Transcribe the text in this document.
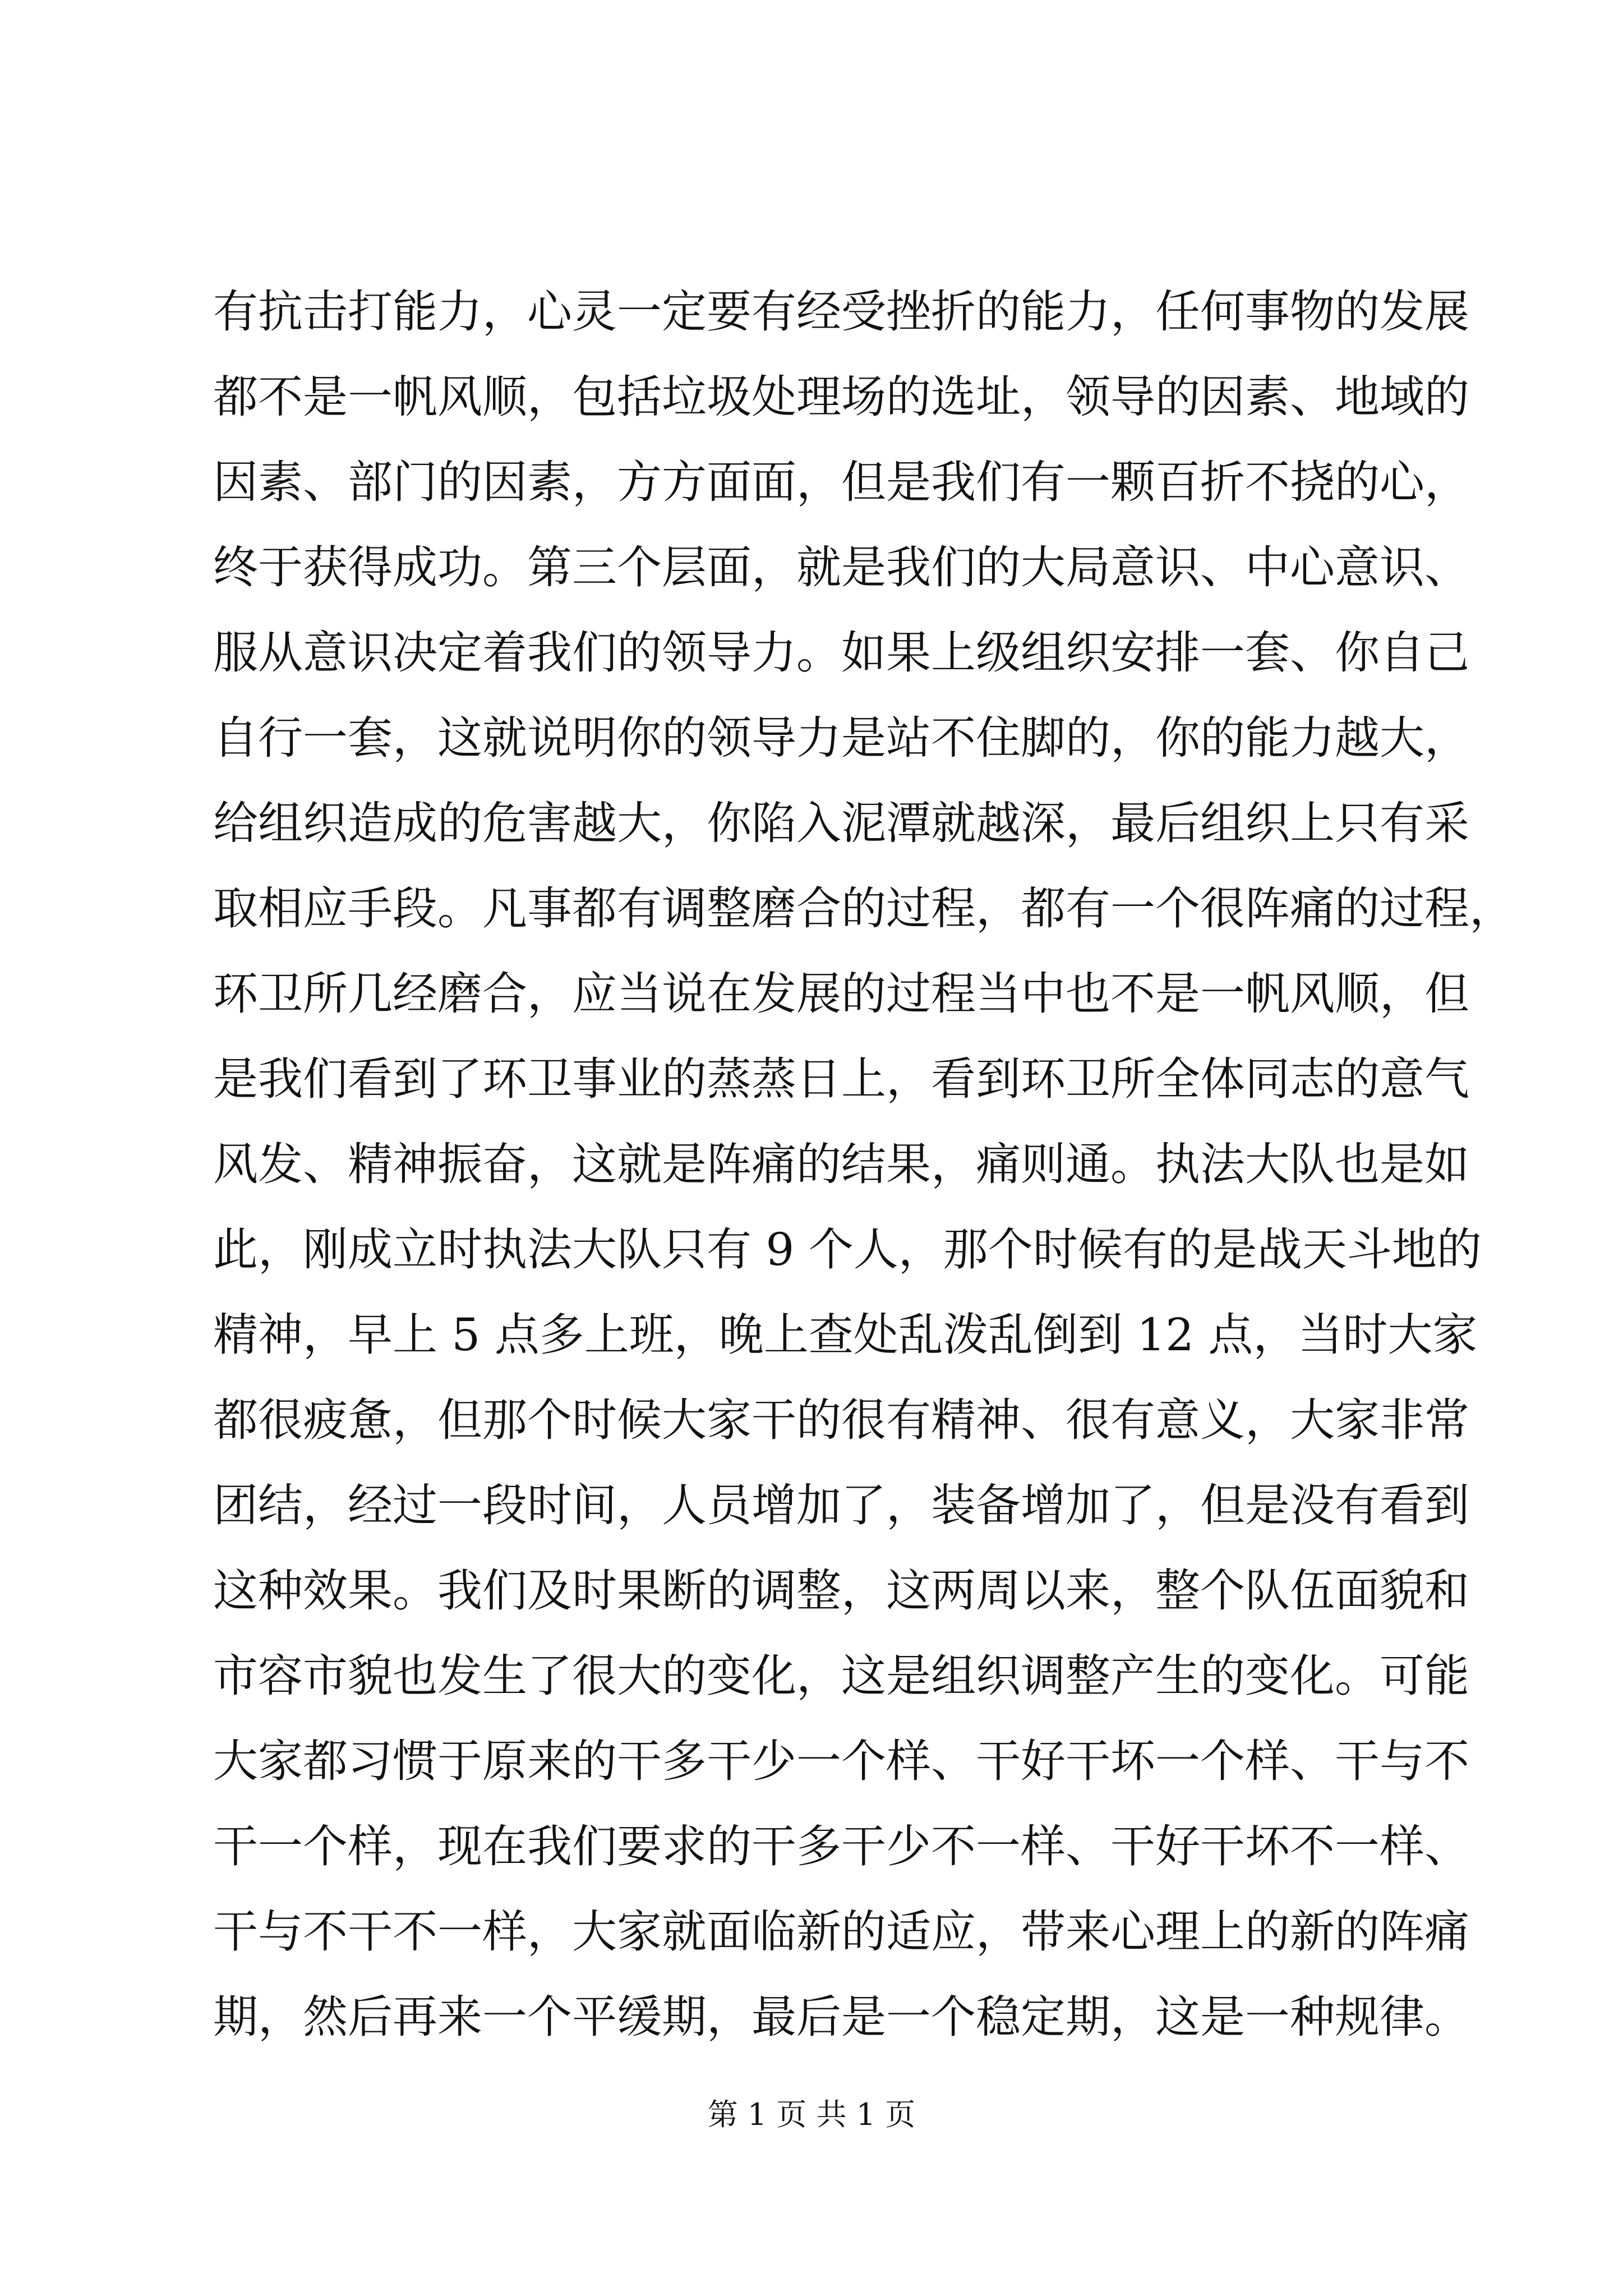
有抗击打能力，心灵一定要有经受挫折的能力，任何事物的发展
都不是一帆风顺，包括垃圾处理场的选址，领导的因素、地域的
因素、部门的因素，方方面面，但是我们有一颗百折不挠的心，
终于获得成功。第三个层面，就是我们的大局意识、中心意识、
服从意识决定着我们的领导力。如果上级组织安排一套、你自己
自行一套，这就说明你的领导力是站不住脚的，你的能力越大，
给组织造成的危害越大，你陷入泥潭就越深，最后组织上只有采
取相应手段。凡事都有调整磨合的过程，都有一个很阵痛的过程，
环卫所几经磨合，应当说在发展的过程当中也不是一帆风顺，但
是我们看到了环卫事业的蒸蒸日上，看到环卫所全体同志的意气
风发、精神振奋，这就是阵痛的结果，痛则通。执法大队也是如
此，刚成立时执法大队只有 9 个人，那个时候有的是战天斗地的
精神，早上 5 点多上班，晚上查处乱泼乱倒到 12 点，当时大家
都很疲惫，但那个时候大家干的很有精神、很有意义，大家非常
团结，经过一段时间，人员增加了，装备增加了，但是没有看到
这种效果。我们及时果断的调整，这两周以来，整个队伍面貌和
市容市貌也发生了很大的变化，这是组织调整产生的变化。可能
大家都习惯于原来的干多干少一个样、干好干坏一个样、干与不
干一个样，现在我们要求的干多干少不一样、干好干坏不一样、
干与不干不一样，大家就面临新的适应，带来心理上的新的阵痛
期，然后再来一个平缓期，最后是一个稳定期，这是一种规律。
第 1 页 共 1 页
